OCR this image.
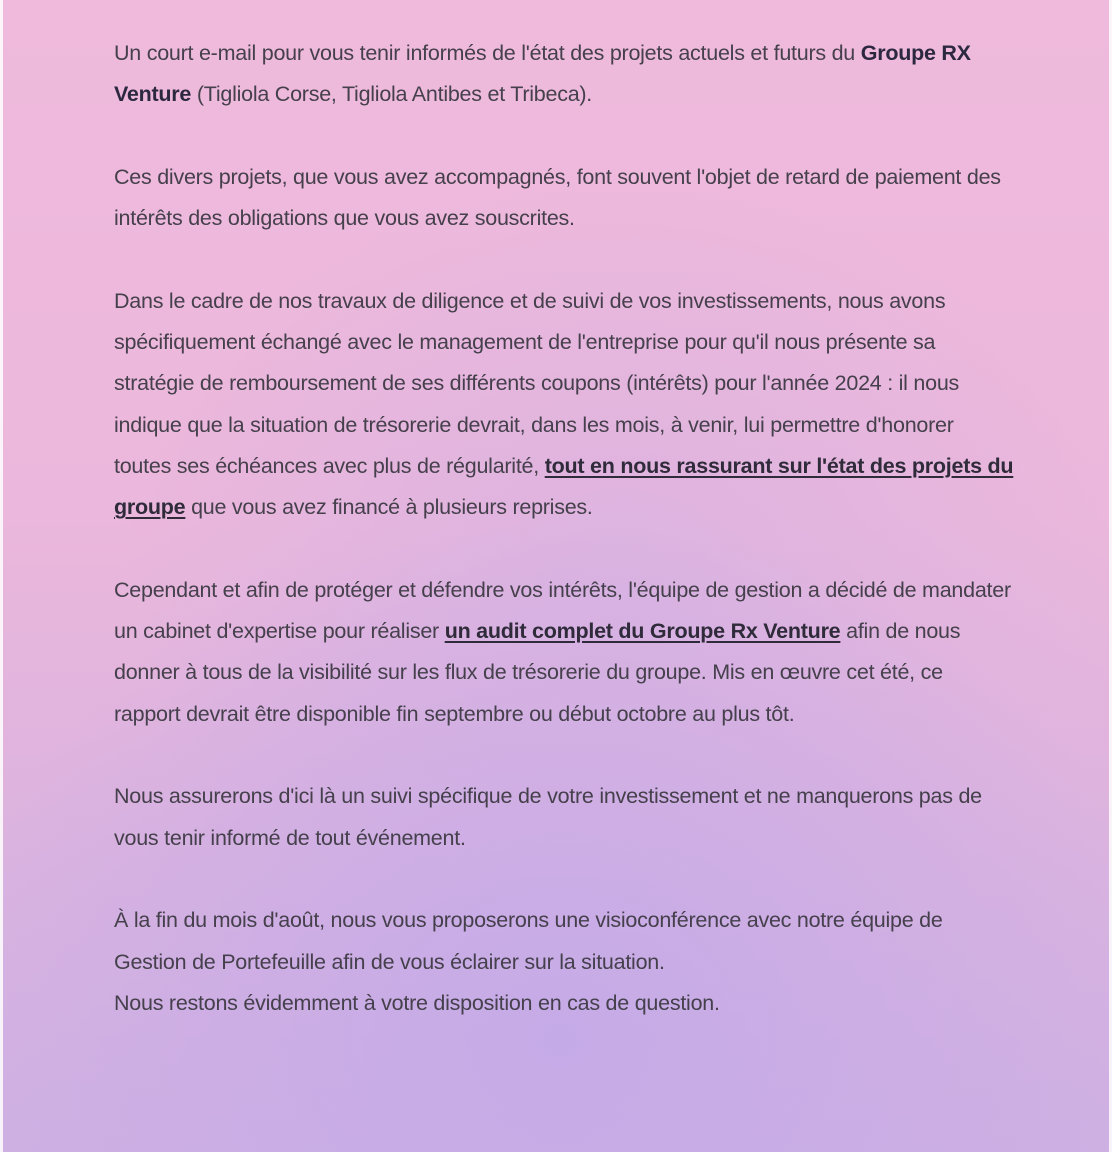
Un court e-mail pour vous tenir informés de l'état des projets actuels et futurs du Groupe RX Venture (Tigliola Corse, Tigliola Antibes et Tribeca).

Ces divers projets, que vous avez accompagnés, font souvent l'objet de retard de paiement des intérêts des obligations que vous avez souscrites.

Dans le cadre de nos travaux de diligence et de suivi de vos investissements, nous avons spécifiquement échangé avec le management de l'entreprise pour qu'il nous présente sa stratégie de remboursement de ses différents coupons (intérêts) pour l'année 2024 : il nous indique que la situation de trésorerie devrait, dans les mois, à venir, lui permettre d'honorer toutes ses échéances avec plus de régularité, tout en nous rassurant sur l'état des projets du groupe que vous avez financé à plusieurs reprises.

Cependant et afin de protéger et défendre vos intérêts, l'équipe de gestion a décidé de mandater un cabinet d'expertise pour réaliser un audit complet du Groupe Rx Venture afin de nous donner à tous de la visibilité sur les flux de trésorerie du groupe. Mis en œuvre cet été, ce rapport devrait être disponible fin septembre ou début octobre au plus tôt.

Nous assurerons d'ici là un suivi spécifique de votre investissement et ne manquerons pas de vous tenir informé de tout événement.

À la fin du mois d'août, nous vous proposerons une visioconférence avec notre équipe de Gestion de Portefeuille afin de vous éclairer sur la situation.
Nous restons évidemment à votre disposition en cas de question.
